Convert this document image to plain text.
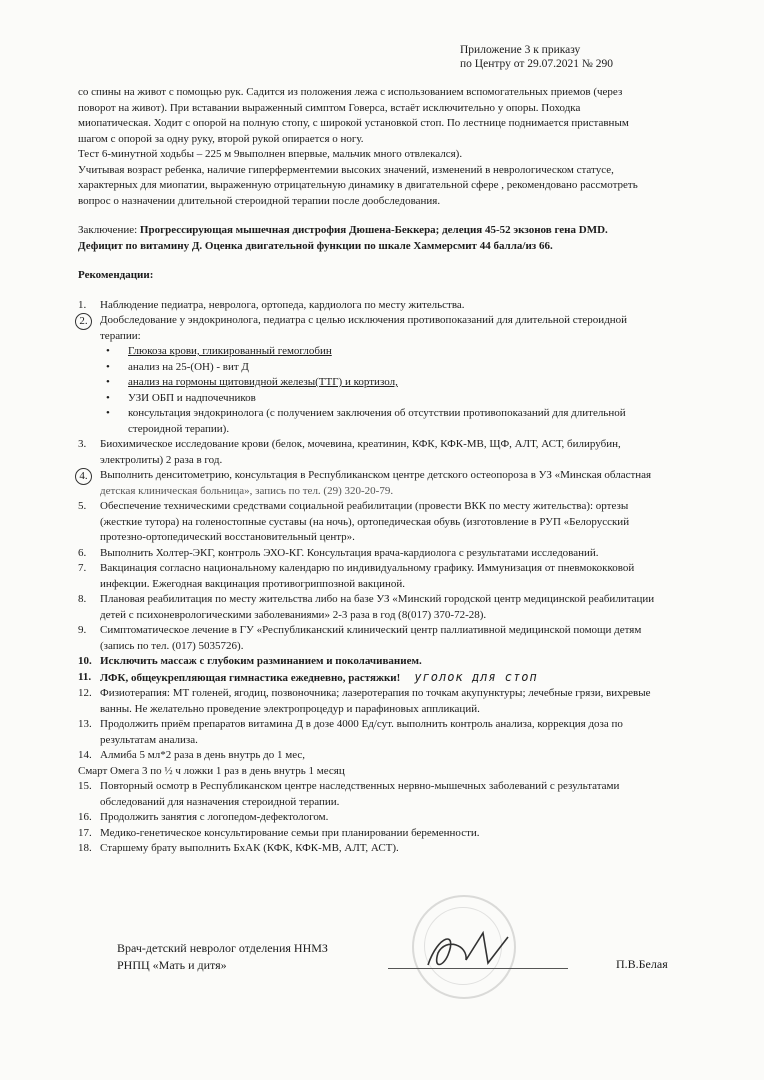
Приложение 3 к приказу
по Центру от 29.07.2021 № 290

со спины на живот с помощью рук. Садится из положения лежа с использованием вспомогательных приемов (через

поворот на живот). При вставании выраженный симптом Говерса, встаёт исключительно у опоры. Походка

миопатическая. Ходит с опорой на полную стопу, с широкой установкой стоп. По лестнице поднимается приставным

шагом с опорой за одну руку, второй рукой опирается о ногу.

Тест 6-минутной ходьбы – 225 м 9выполнен впервые, мальчик много отвлекался).

Учитывая возраст ребенка, наличие гиперферментемии высоких значений, изменений в неврологическом статусе,

характерных для миопатии, выраженную отрицательную динамику в двигательной сфере , рекомендовано рассмотреть

вопрос о назначении длительной стероидной терапии после дообследования.

Заключение: Прогрессирующая мышечная дистрофия Дюшена-Беккера; делеция 45-52 экзонов гена DMD.

Дефицит по витамину Д. Оценка двигательной функции по шкале Хаммерсмит 44 балла/из 66.

Рекомендации:

1.	Наблюдение педиатра, невролога, ортопеда, кардиолога по месту жительства.
2.	Дообследование у эндокринолога, педиатра с целью исключения противопоказаний для длительной стероидной
терапии:
• Глюкоза крови, гликированный гемоглобин
• анализ на 25-(ОН) - вит Д
• анализ на гормоны щитовидной железы(ТТГ) и кортизол,
• УЗИ ОБП и надпочечников
• консультация эндокринолога (с получением заключения об отсутствии противопоказаний для длительной
стероидной терапии).
3.	Биохимическое исследование крови (белок, мочевина, креатинин, КФК, КФК-МВ, ЩФ, АЛТ, АСТ, билирубин,
электролиты) 2 раза в год.
4.	Выполнить денситометрию, консультация в Республиканском центре детского остеопороза в УЗ «Минская областная
детская клиническая больница», запись по тел. (29) 320-20-79.
5.	Обеспечение техническими средствами социальной реабилитации (провести ВКК по месту жительства): ортезы
(жесткие тутора) на голеностопные суставы (на ночь), ортопедическая обувь (изготовление в РУП «Белорусский
протезно-ортопедический восстановительный центр».
6.	Выполнить Холтер-ЭКГ, контроль ЭХО-КГ. Консультация врача-кардиолога с результатами исследований.
7.	Вакцинация согласно национальному календарю по индивидуальному графику. Иммунизация от пневмококковой
инфекции. Ежегодная вакцинация противогриппозной вакциной.
8.	Плановая реабилитация по месту жительства либо на базе УЗ «Минский городской центр медицинской реабилитации
детей с психоневрологическими заболеваниями» 2-3 раза в год (8(017) 370-72-28).
9.	Симптоматическое лечение в ГУ «Республиканский клинический центр паллиативной медицинской помощи детям
(запись по тел. (017) 5035726).
10. Исключить массаж с глубоким разминанием и поколачиванием.
11. ЛФК, общеукрепляющая гимнастика ежедневно, растяжки! уголок для стоп
12. Физиотерапия: МТ голеней, ягодиц, позвоночника; лазеротерапия по точкам акупунктуры; лечебные грязи, вихревые
ванны. Не желательно проведение электропроцедур и парафиновых аппликаций.
13. Продолжить приём препаратов витамина Д в дозе 4000 Ед/сут. выполнить контроль анализа, коррекция доза по
результатам анализа.
14. Алмиба 5 мл*2 раза в день внутрь до 1 мес,

Смарт Омега 3 по ½ ч ложки 1 раз в день внутрь 1 месяц

15. Повторный осмотр в Республиканском центре наследственных нервно-мышечных заболеваний с результатами
обследований для назначения стероидной терапии.
16. Продолжить занятия с логопедом-дефектологом.
17. Медико-генетическое консультирование семьи при планировании беременности.
18. Старшему брату выполнить БхАК (КФК, КФК-МВ, АЛТ, АСТ).
Врач-детский невролог отделения ННМЗ
РНПЦ «Мать и дитя»	П.В.Белая
